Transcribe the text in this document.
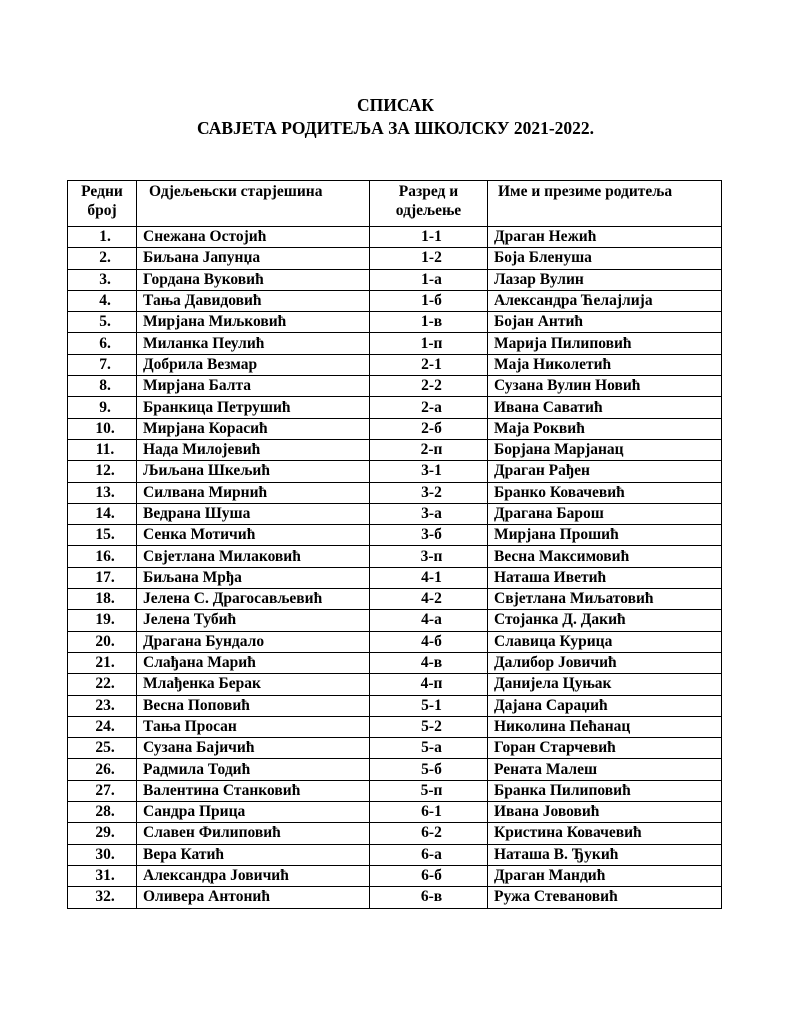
СПИСАК
САВЈЕТА РОДИТЕЉА ЗА ШКОЛСКУ 2021-2022.
Редни број	Одјељењски старјешина	Разред и одјељење	Име и презиме родитеља
1.	Снежана Остојић	1-1	Драган Нежић
2.	Биљана Јапунџа	1-2	Боја Бленуша
3.	Гордана Вуковић	1-а	Лазар Вулин
4.	Тања Давидовић	1-б	Александра Ћелајлија
5.	Мирјана Миљковић	1-в	Бојан Антић
6.	Миланка Пеулић	1-п	Марија Пилиповић
7.	Добрила Везмар	2-1	Маја Николетић
8.	Мирјана Балта	2-2	Сузана Вулин Новић
9.	Бранкица Петрушић	2-а	Ивана Саватић
10.	Мирјана Корасић	2-б	Маја Роквић
11.	Нада Милојевић	2-п	Борјана Марјанац
12.	Љиљана Шкељић	3-1	Драган Рађен
13.	Силвана Мирнић	3-2	Бранко Ковачевић
14.	Ведрана Шуша	3-а	Драгана Барош
15.	Сенка Мотичић	3-б	Мирјана Прошић
16.	Свјетлана Милаковић	3-п	Весна Максимовић
17.	Биљана Мрђа	4-1	Наташа Иветић
18.	Јелена С. Драгосављевић	4-2	Свјетлана Миљатовић
19.	Јелена Тубић	4-а	Стојанка Д. Дакић
20.	Драгана Бундало	4-б	Славица Курица
21.	Слађана Марић	4-в	Далибор Јовичић
22.	Млађенка Берак	4-п	Данијела Цуњак
23.	Весна Поповић	5-1	Дајана Сараџић
24.	Тања Просан	5-2	Николина Пећанац
25.	Сузана Бајичић	5-а	Горан Старчевић
26.	Радмила Тодић	5-б	Рената Малеш
27.	Валентина Станковић	5-п	Бранка Пилиповић
28.	Сандра Прица	6-1	Ивана Јововић
29.	Славен Филиповић	6-2	Кристина Ковачевић
30.	Вера Катић	6-а	Наташа В. Ђукић
31.	Александра Јовичић	6-б	Драган Мандић
32.	Оливера Антонић	6-в	Ружа Стевановић
